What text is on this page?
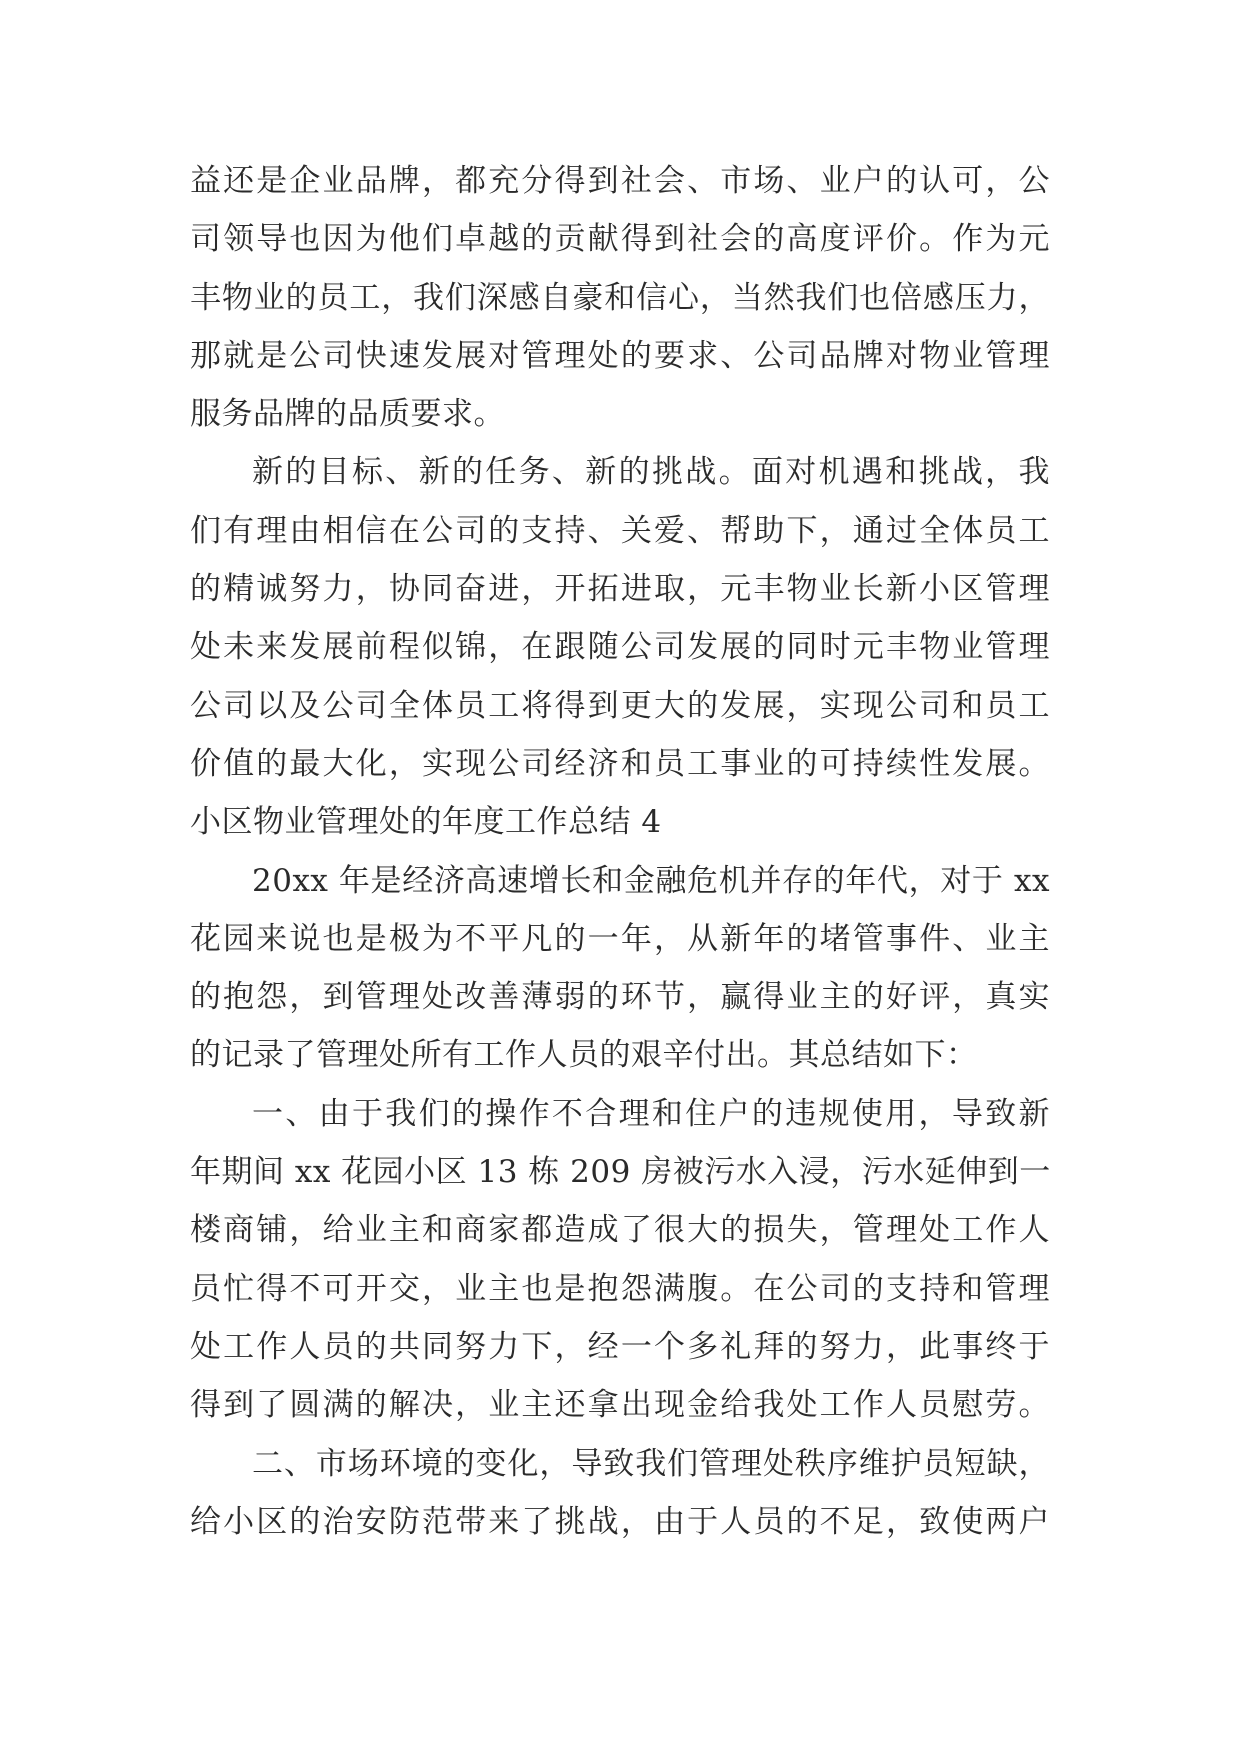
益还是企业品牌，都充分得到社会、市场、业户的认可，公
司领导也因为他们卓越的贡献得到社会的高度评价。作为元
丰物业的员工，我们深感自豪和信心，当然我们也倍感压力，
那就是公司快速发展对管理处的要求、公司品牌对物业管理
服务品牌的品质要求。
新的目标、新的任务、新的挑战。面对机遇和挑战，我
们有理由相信在公司的支持、关爱、帮助下，通过全体员工
的精诚努力，协同奋进，开拓进取，元丰物业长新小区管理
处未来发展前程似锦，在跟随公司发展的同时元丰物业管理
公司以及公司全体员工将得到更大的发展，实现公司和员工
价值的最大化，实现公司经济和员工事业的可持续性发展。
小区物业管理处的年度工作总结 4
20xx 年是经济高速增长和金融危机并存的年代，对于 xx
花园来说也是极为不平凡的一年，从新年的堵管事件、业主
的抱怨，到管理处改善薄弱的环节，赢得业主的好评，真实
的记录了管理处所有工作人员的艰辛付出。其总结如下：
一、由于我们的操作不合理和住户的违规使用，导致新
年期间 xx 花园小区 13 栋 209 房被污水入浸，污水延伸到一
楼商铺，给业主和商家都造成了很大的损失，管理处工作人
员忙得不可开交，业主也是抱怨满腹。在公司的支持和管理
处工作人员的共同努力下，经一个多礼拜的努力，此事终于
得到了圆满的解决，业主还拿出现金给我处工作人员慰劳。
二、市场环境的变化，导致我们管理处秩序维护员短缺，
给小区的治安防范带来了挑战，由于人员的不足，致使两户
